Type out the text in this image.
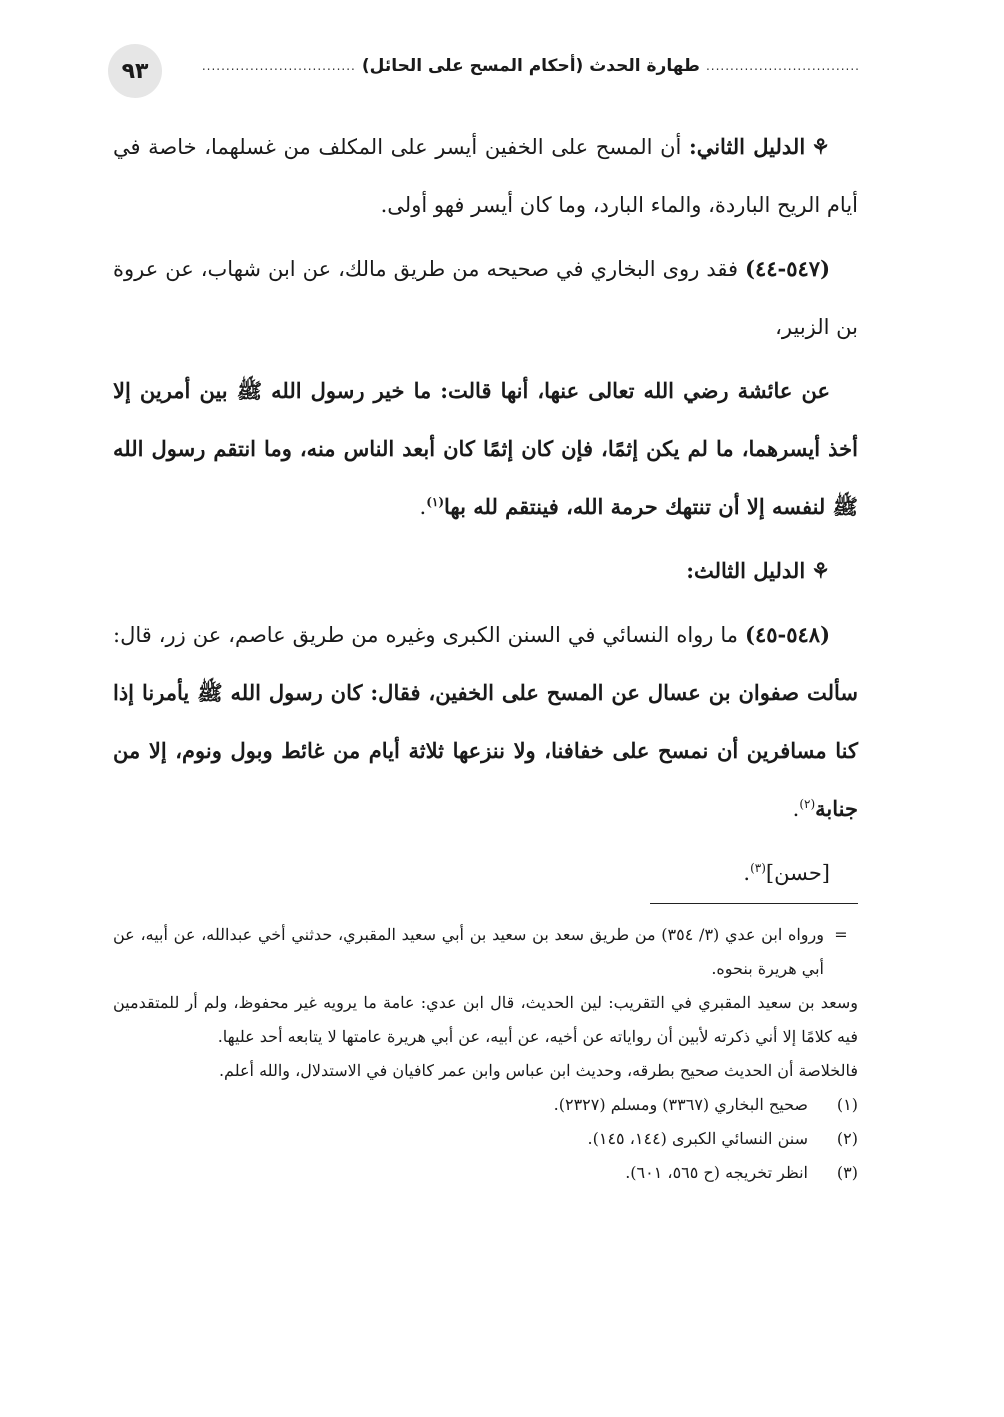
٩٣	................................
طهارة الحدث (أحكام المسح على الحائل)
................................

⚘الدليل الثاني: أن المسح على الخفين أيسر على المكلف من غسلهما، خاصة في أيام الريح الباردة، والماء البارد، وما كان أيسر فهو أولى.

(٥٤٧-٤٤) فقد روى البخاري في صحيحه من طريق مالك، عن ابن شهاب، عن عروة بن الزبير،

عن عائشة رضي الله تعالى عنها، أنها قالت: ما خير رسول الله ﷺ بين أمرين إلا أخذ أيسرهما، ما لم يكن إثمًا، فإن كان إثمًا كان أبعد الناس منه، وما انتقم رسول الله ﷺ لنفسه إلا أن تنتهك حرمة الله، فينتقم لله بها$^{(١)}$.

⚘الدليل الثالث:

(٥٤٨-٤٥) ما رواه النسائي في السنن الكبرى وغيره من طريق عاصم، عن زر، قال: سألت صفوان بن عسال عن المسح على الخفين، فقال: كان رسول الله ﷺ يأمرنا إذا كنا مسافرين أن نمسح على خفافنا، ولا ننزعها ثلاثة أيام من غائط وبول ونوم، إلا من جنابة$^{(٢)}$.

[حسن]$^{(٣)}$.

=
ورواه ابن عدي (٣/ ٣٥٤) من طريق سعد بن سعيد بن أبي سعيد المقبري، حدثني أخي عبدالله، عن أبيه، عن أبي هريرة بنحوه.

وسعد بن سعيد المقبري في التقريب: لين الحديث، قال ابن عدي: عامة ما يرويه غير محفوظ، ولم أر للمتقدمين فيه كلامًا إلا أني ذكرته لأبين أن رواياته عن أخيه، عن أبيه، عن أبي هريرة عامتها لا يتابعه أحد عليها.

فالخلاصة أن الحديث صحيح بطرقه، وحديث ابن عباس وابن عمر كافيان في الاستدلال، والله أعلم.

(١)
صحيح البخاري (٣٣٦٧) ومسلم (٢٣٢٧).
(٢)
سنن النسائي الكبرى (١٤٤، ١٤٥).
(٣)
انظر تخريجه (ح ٥٦٥، ٦٠١).
